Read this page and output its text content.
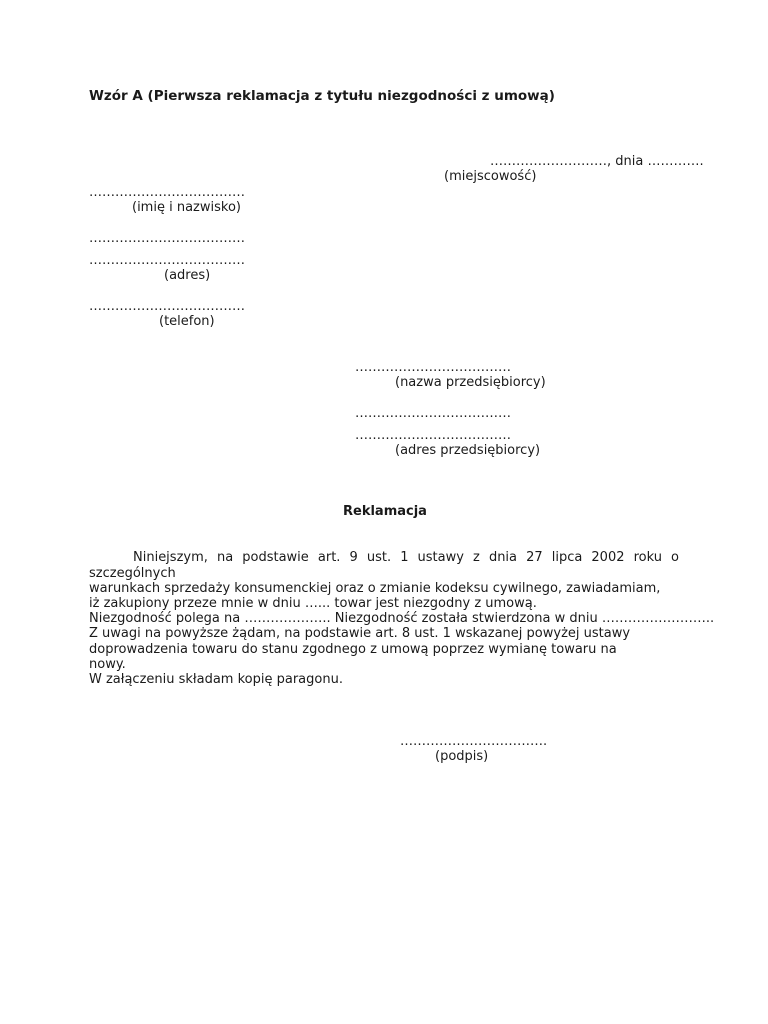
Wzór A (Pierwsza reklamacja z tytułu niezgodności z umową)
………………………, dnia ………….
(miejscowość)
………………………………
(imię i nazwisko)
………………………………
………………………………
(adres)
………………………………
(telefon)
………………………………
(nazwa przedsiębiorcy)
………………………………
………………………………
(adres przedsiębiorcy)
Reklamacja
Niniejszym, na podstawie art. 9 ust. 1 ustawy z dnia 27 lipca 2002 roku o
szczególnych
warunkach sprzedaży konsumenckiej oraz o zmianie kodeksu cywilnego, zawiadamiam,
iż zakupiony przeze mnie w dniu …... towar jest niezgodny z umową.
Niezgodność polega na ……………….. Niezgodność została stwierdzona w dniu ……………………..
Z uwagi na powyższe żądam, na podstawie art. 8 ust. 1 wskazanej powyżej ustawy
doprowadzenia towaru do stanu zgodnego z umową poprzez wymianę towaru na
nowy.
W załączeniu składam kopię paragonu.
…………………………….
(podpis)
